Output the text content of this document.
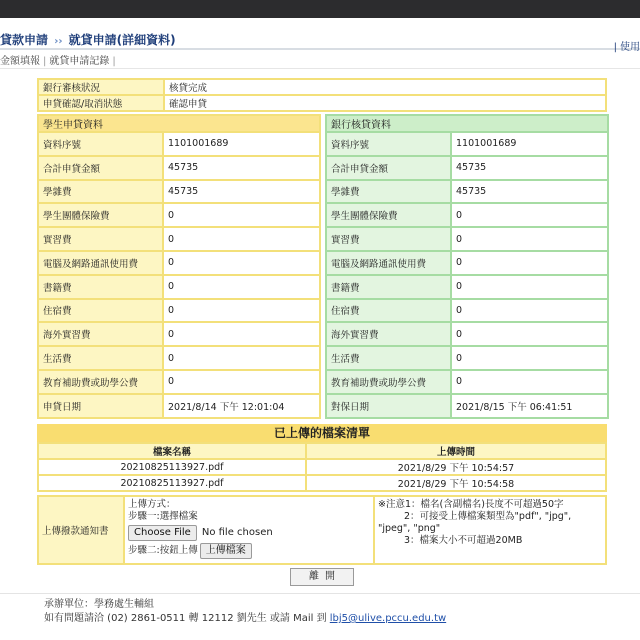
貸款申請 ›› 就貸申請(詳細資料)
| 使用
金額填報 | 就貸申請記錄 |
銀行審核狀況	核貸完成
申貸確認/取消狀態	確認申貸
學生申貸資料	
資料序號	1101001689
合計申貸金額	45735
學雜費	45735
學生團體保險費	0
實習費	0
電腦及網路通訊使用費	0
書籍費	0
住宿費	0
海外實習費	0
生活費	0
教育補助費或助學公費	0
申貸日期	2021/8/14 下午 12:01:04
銀行核貸資料	
資料序號	1101001689
合計申貸金額	45735
學雜費	45735
學生團體保險費	0
實習費	0
電腦及網路通訊使用費	0
書籍費	0
住宿費	0
海外實習費	0
生活費	0
教育補助費或助學公費	0
對保日期	2021/8/15 下午 06:41:51
已上傳的檔案清單
檔案名稱	上傳時間
20210825113927.pdf	2021/8/29 下午 10:54:57
20210825113927.pdf	2021/8/29 下午 10:54:58
上傳撥款通知書	
上傳方式：
步驟一:選擇檔案
Choose File	No file chosen
步驟二:按鈕上傳 上傳檔案

※注意1：檔名(含副檔名)長度不可超過50字
2：可接受上傳檔案類型為"pdf", "jpg",
"jpeg", "png"
3：檔案大小不可超過20MB
離開
承辦單位：學務處生輔組
如有問題請洽 (02) 2861-0511 轉 12112 劉先生 或請 Mail 到 lbj5@ulive.pccu.edu.tw
